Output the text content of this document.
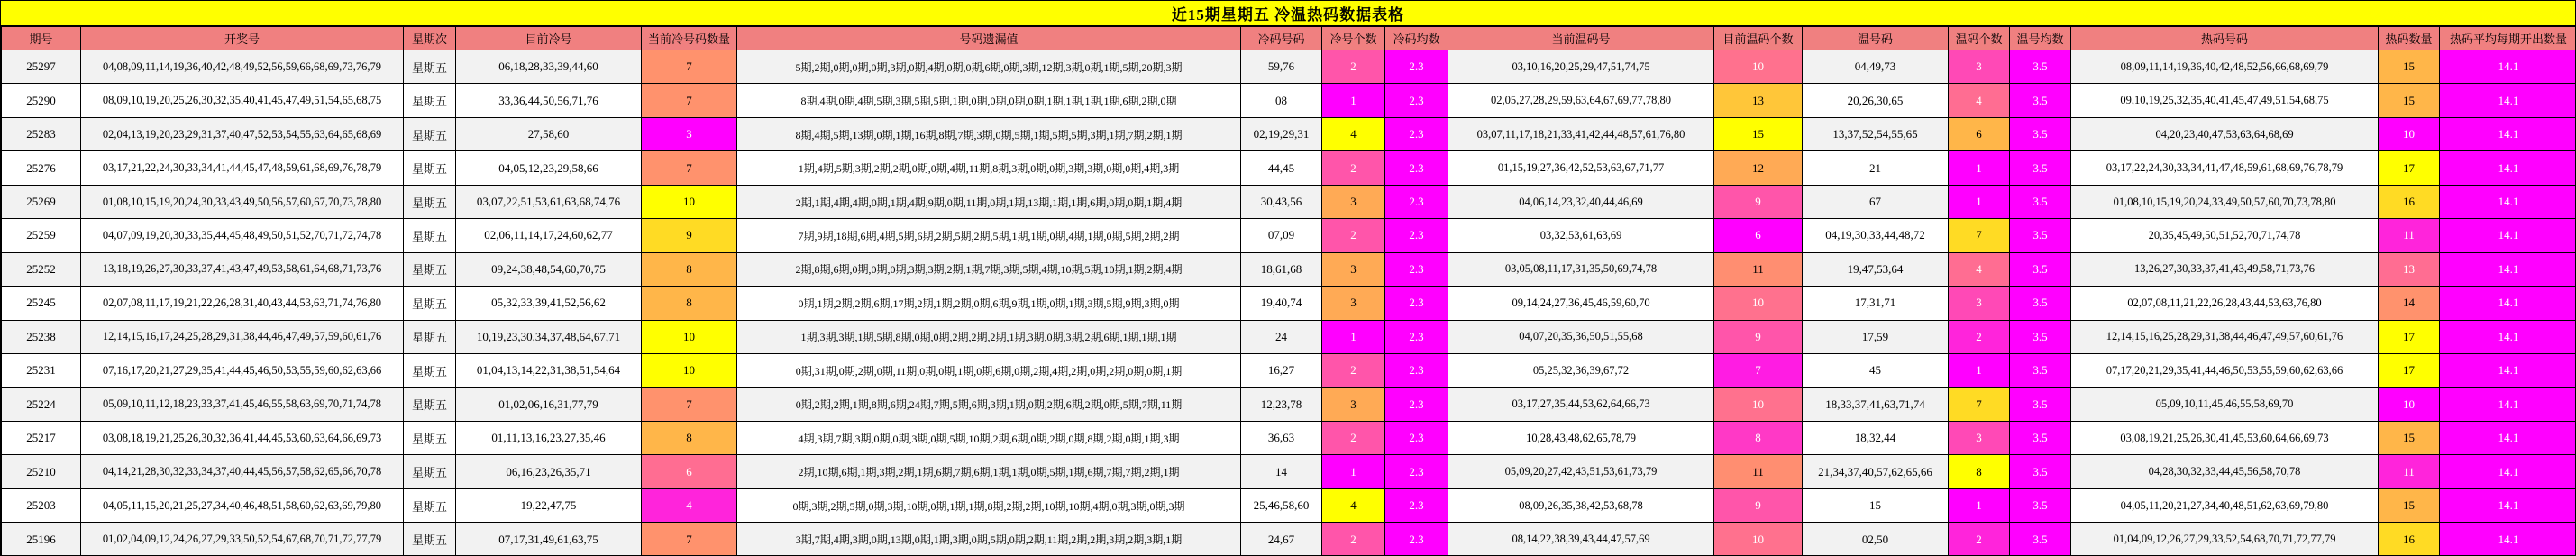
近15期星期五 冷温热码数据表格
期号	开奖号	星期次	目前冷号	当前冷号码数量	号码遗漏值	冷码号码	冷号个数	冷码均数	当前温码号	目前温码个数	温号码	温码个数	温号均数	热码号码	热码数量	热码平均每期开出数量
25297	04,08,09,11,14,19,36,40,42,48,49,52,56,59,66,68,69,73,76,79	星期五	06,18,28,33,39,44,60	7	5期,2期,0期,0期,0期,3期,0期,4期,0期,0期,6期,0期,3期,12期,3期,0期,1期,5期,20期,3期	59,76	2	2.3	03,10,16,20,25,29,47,51,74,75	10	04,49,73	3	3.5	08,09,11,14,19,36,40,42,48,52,56,66,68,69,79	15	14.1
25290	08,09,10,19,20,25,26,30,32,35,40,41,45,47,49,51,54,65,68,75	星期五	33,36,44,50,56,71,76	7	8期,4期,0期,4期,5期,3期,5期,5期,1期,0期,0期,0期,0期,1期,1期,1期,1期,6期,2期,0期	08	1	2.3	02,05,27,28,29,59,63,64,67,69,77,78,80	13	20,26,30,65	4	3.5	09,10,19,25,32,35,40,41,45,47,49,51,54,68,75	15	14.1
25283	02,04,13,19,20,23,29,31,37,40,47,52,53,54,55,63,64,65,68,69	星期五	27,58,60	3	8期,4期,5期,13期,0期,1期,16期,8期,7期,3期,0期,5期,1期,5期,5期,3期,1期,7期,2期,1期	02,19,29,31	4	2.3	03,07,11,17,18,21,33,41,42,44,48,57,61,76,80	15	13,37,52,54,55,65	6	3.5	04,20,23,40,47,53,63,64,68,69	10	14.1
25276	03,17,21,22,24,30,33,34,41,44,45,47,48,59,61,68,69,76,78,79	星期五	04,05,12,23,29,58,66	7	1期,4期,5期,3期,2期,2期,0期,0期,4期,11期,8期,3期,0期,0期,3期,3期,0期,0期,4期,3期	44,45	2	2.3	01,15,19,27,36,42,52,53,63,67,71,77	12	21	1	3.5	03,17,22,24,30,33,34,41,47,48,59,61,68,69,76,78,79	17	14.1
25269	01,08,10,15,19,20,24,30,33,43,49,50,56,57,60,67,70,73,78,80	星期五	03,07,22,51,53,61,63,68,74,76	10	2期,1期,4期,4期,0期,1期,4期,9期,0期,11期,0期,1期,13期,1期,1期,6期,0期,0期,1期,4期	30,43,56	3	2.3	04,06,14,23,32,40,44,46,69	9	67	1	3.5	01,08,10,15,19,20,24,33,49,50,57,60,70,73,78,80	16	14.1
25259	04,07,09,19,20,30,33,35,44,45,48,49,50,51,52,70,71,72,74,78	星期五	02,06,11,14,17,24,60,62,77	9	7期,9期,18期,6期,4期,5期,6期,2期,5期,2期,5期,1期,1期,0期,4期,1期,0期,5期,2期,2期	07,09	2	2.3	03,32,53,61,63,69	6	04,19,30,33,44,48,72	7	3.5	20,35,45,49,50,51,52,70,71,74,78	11	14.1
25252	13,18,19,26,27,30,33,37,41,43,47,49,53,58,61,64,68,71,73,76	星期五	09,24,38,48,54,60,70,75	8	2期,8期,6期,0期,0期,0期,3期,3期,2期,1期,7期,3期,5期,4期,10期,5期,10期,1期,2期,4期	18,61,68	3	2.3	03,05,08,11,17,31,35,50,69,74,78	11	19,47,53,64	4	3.5	13,26,27,30,33,37,41,43,49,58,71,73,76	13	14.1
25245	02,07,08,11,17,19,21,22,26,28,31,40,43,44,53,63,71,74,76,80	星期五	05,32,33,39,41,52,56,62	8	0期,1期,2期,2期,6期,17期,2期,1期,2期,0期,6期,9期,1期,0期,1期,3期,5期,9期,3期,0期	19,40,74	3	2.3	09,14,24,27,36,45,46,59,60,70	10	17,31,71	3	3.5	02,07,08,11,21,22,26,28,43,44,53,63,76,80	14	14.1
25238	12,14,15,16,17,24,25,28,29,31,38,44,46,47,49,57,59,60,61,76	星期五	10,19,23,30,34,37,48,64,67,71	10	1期,3期,3期,1期,5期,8期,0期,0期,2期,2期,2期,1期,3期,0期,3期,2期,6期,1期,1期,1期	24	1	2.3	04,07,20,35,36,50,51,55,68	9	17,59	2	3.5	12,14,15,16,25,28,29,31,38,44,46,47,49,57,60,61,76	17	14.1
25231	07,16,17,20,21,27,29,35,41,44,45,46,50,53,55,59,60,62,63,66	星期五	01,04,13,14,22,31,38,51,54,64	10	0期,31期,0期,2期,0期,11期,0期,0期,1期,0期,6期,0期,2期,4期,2期,0期,2期,0期,0期,1期	16,27	2	2.3	05,25,32,36,39,67,72	7	45	1	3.5	07,17,20,21,29,35,41,44,46,50,53,55,59,60,62,63,66	17	14.1
25224	05,09,10,11,12,18,23,33,37,41,45,46,55,58,63,69,70,71,74,78	星期五	01,02,06,16,31,77,79	7	0期,2期,2期,1期,8期,6期,24期,7期,5期,6期,3期,1期,0期,2期,6期,2期,0期,5期,7期,11期	12,23,78	3	2.3	03,17,27,35,44,53,62,64,66,73	10	18,33,37,41,63,71,74	7	3.5	05,09,10,11,45,46,55,58,69,70	10	14.1
25217	03,08,18,19,21,25,26,30,32,36,41,44,45,53,60,63,64,66,69,73	星期五	01,11,13,16,23,27,35,46	8	4期,3期,7期,3期,0期,0期,3期,0期,5期,10期,2期,6期,0期,2期,0期,8期,2期,0期,1期,3期	36,63	2	2.3	10,28,43,48,62,65,78,79	8	18,32,44	3	3.5	03,08,19,21,25,26,30,41,45,53,60,64,66,69,73	15	14.1
25210	04,14,21,28,30,32,33,34,37,40,44,45,56,57,58,62,65,66,70,78	星期五	06,16,23,26,35,71	6	2期,10期,6期,1期,3期,2期,1期,6期,7期,6期,1期,1期,0期,5期,1期,6期,7期,7期,2期,1期	14	1	2.3	05,09,20,27,42,43,51,53,61,73,79	11	21,34,37,40,57,62,65,66	8	3.5	04,28,30,32,33,44,45,56,58,70,78	11	14.1
25203	04,05,11,15,20,21,25,27,34,40,46,48,51,58,60,62,63,69,79,80	星期五	19,22,47,75	4	0期,3期,2期,5期,0期,3期,10期,0期,1期,1期,8期,2期,2期,10期,10期,4期,0期,3期,0期,3期	25,46,58,60	4	2.3	08,09,26,35,38,42,53,68,78	9	15	1	3.5	04,05,11,20,21,27,34,40,48,51,62,63,69,79,80	15	14.1
25196	01,02,04,09,12,24,26,27,29,33,50,52,54,67,68,70,71,72,77,79	星期五	07,17,31,49,61,63,75	7	3期,7期,4期,3期,0期,13期,0期,1期,3期,0期,5期,0期,2期,11期,2期,2期,3期,2期,3期,1期	24,67	2	2.3	08,14,22,38,39,43,44,47,57,69	10	02,50	2	3.5	01,04,09,12,26,27,29,33,52,54,68,70,71,72,77,79	16	14.1
